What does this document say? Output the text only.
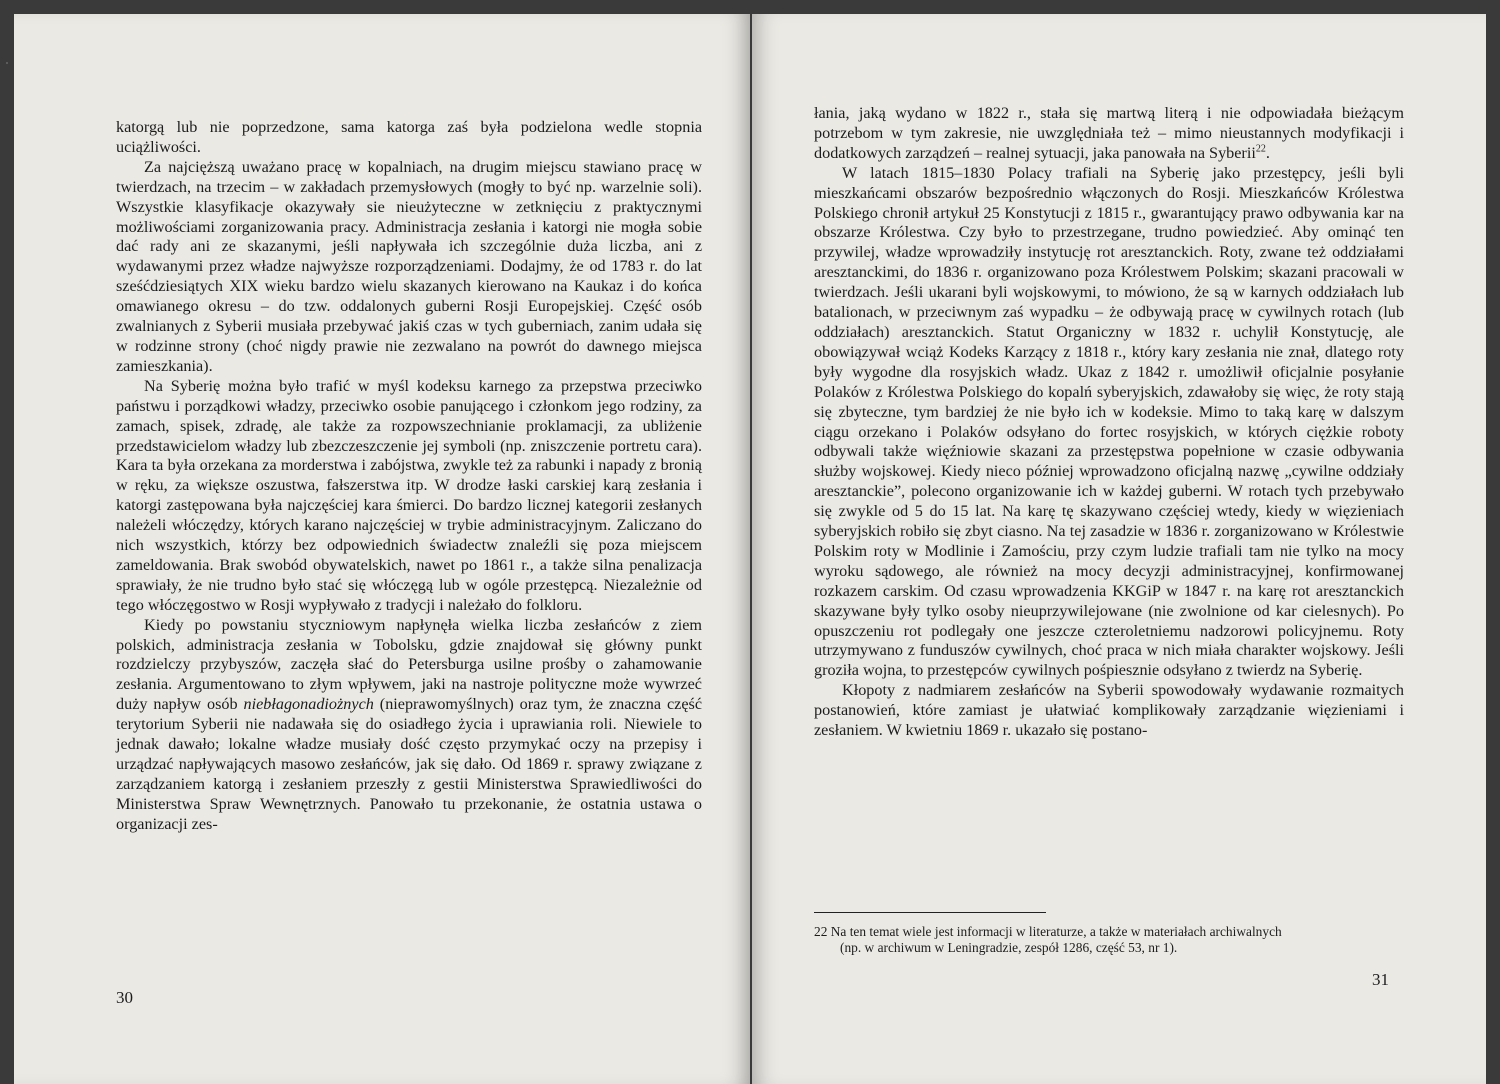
katorgą lub nie poprzedzone, sama katorga zaś była podzielona wedle stopnia uciążliwości.

Za najcięższą uważano pracę w kopalniach, na drugim miejscu stawiano pracę w twierdzach, na trzecim – w zakładach przemysłowych (mogły to być np. warzelnie soli). Wszystkie klasyfikacje okazywały sie nieużyteczne w zetknięciu z praktycznymi możliwościami zorganizowania pracy. Administracja zesłania i katorgi nie mogła sobie dać rady ani ze skazanymi, jeśli napływała ich szczególnie duża liczba, ani z wydawanymi przez władze najwyższe rozporządzeniami. Dodajmy, że od 1783 r. do lat sześćdziesiątych XIX wieku bardzo wielu skazanych kierowano na Kaukaz i do końca omawianego okresu – do tzw. oddalonych guberni Rosji Europejskiej. Część osób zwalnianych z Syberii musiała przebywać jakiś czas w tych guberniach, zanim udała się w rodzinne strony (choć nigdy prawie nie zezwalano na powrót do dawnego miejsca zamieszkania).

Na Syberię można było trafić w myśl kodeksu karnego za przepstwa przeciwko państwu i porządkowi władzy, przeciwko osobie panującego i członkom jego rodziny, za zamach, spisek, zdradę, ale także za rozpowszechnianie proklamacji, za ubliżenie przedstawicielom władzy lub zbezczeszczenie jej symboli (np. zniszczenie portretu cara). Kara ta była orzekana za morderstwa i zabójstwa, zwykle też za rabunki i napady z bronią w ręku, za większe oszustwa, fałszerstwa itp. W drodze łaski carskiej karą zesłania i katorgi zastępowana była najczęściej kara śmierci. Do bardzo licznej kategorii zesłanych należeli włóczędzy, których karano najczęściej w trybie administracyjnym. Zaliczano do nich wszystkich, którzy bez odpowiednich świadectw znaleźli się poza miejscem zameldowania. Brak swobód obywatelskich, nawet po 1861 r., a także silna penalizacja sprawiały, że nie trudno było stać się włóczęgą lub w ogóle przestępcą. Niezależnie od tego włóczęgostwo w Rosji wypływało z tradycji i należało do folkloru.

Kiedy po powstaniu styczniowym napłynęła wielka liczba zesłańców z ziem polskich, administracja zesłania w Tobolsku, gdzie znajdował się główny punkt rozdzielczy przybyszów, zaczęła słać do Petersburga usilne prośby o zahamowanie zesłania. Argumentowano to złym wpływem, jaki na nastroje polityczne może wywrzeć duży napływ osób niebłagonadiożnych (nieprawomyślnych) oraz tym, że znaczna część terytorium Syberii nie nadawała się do osiadłego życia i uprawiania roli. Niewiele to jednak dawało; lokalne władze musiały dość często przymykać oczy na przepisy i urządzać napływających masowo zesłańców, jak się dało. Od 1869 r. sprawy związane z zarządzaniem katorgą i zesłaniem przeszły z gestii Ministerstwa Sprawiedliwości do Ministerstwa Spraw Wewnętrznych. Panowało tu przekonanie, że ostatnia ustawa o organizacji zes-

30

łania, jaką wydano w 1822 r., stała się martwą literą i nie odpowiadała bieżącym potrzebom w tym zakresie, nie uwzględniała też – mimo nieustannych modyfikacji i dodatkowych zarządzeń – realnej sytuacji, jaka panowała na Syberii$^{22}$.

W latach 1815–1830 Polacy trafiali na Syberię jako przestępcy, jeśli byli mieszkańcami obszarów bezpośrednio włączonych do Rosji. Mieszkańców Królestwa Polskiego chronił artykuł 25 Konstytucji z 1815 r., gwarantujący prawo odbywania kar na obszarze Królestwa. Czy było to przestrzegane, trudno powiedzieć. Aby ominąć ten przywilej, władze wprowadziły instytucję rot aresztanckich. Roty, zwane też oddziałami aresztanckimi, do 1836 r. organizowano poza Królestwem Polskim; skazani pracowali w twierdzach. Jeśli ukarani byli wojskowymi, to mówiono, że są w karnych oddziałach lub batalionach, w przeciwnym zaś wypadku – że odbywają pracę w cywilnych rotach (lub oddziałach) aresztanckich. Statut Organiczny w 1832 r. uchylił Konstytucję, ale obowiązywał wciąż Kodeks Karzący z 1818 r., który kary zesłania nie znał, dlatego roty były wygodne dla rosyjskich władz. Ukaz z 1842 r. umożliwił oficjalnie posyłanie Polaków z Królestwa Polskiego do kopalń syberyjskich, zdawałoby się więc, że roty stają się zbyteczne, tym bardziej że nie było ich w kodeksie. Mimo to taką karę w dalszym ciągu orzekano i Polaków odsyłano do fortec rosyjskich, w których ciężkie roboty odbywali także więźniowie skazani za przestępstwa popełnione w czasie odbywania służby wojskowej. Kiedy nieco później wprowadzono oficjalną nazwę „cywilne oddziały aresztanckie”, polecono organizowanie ich w każdej guberni. W rotach tych przebywało się zwykle od 5 do 15 lat. Na karę tę skazywano częściej wtedy, kiedy w więzieniach syberyjskich robiło się zbyt ciasno. Na tej zasadzie w 1836 r. zorganizowano w Królestwie Polskim roty w Modlinie i Zamościu, przy czym ludzie trafiali tam nie tylko na mocy wyroku sądowego, ale również na mocy decyzji administracyjnej, konfirmowanej rozkazem carskim. Od czasu wprowadzenia KKGiP w 1847 r. na karę rot aresztanckich skazywane były tylko osoby nieuprzywilejowane (nie zwolnione od kar cielesnych). Po opuszczeniu rot podlegały one jeszcze czteroletniemu nadzorowi policyjnemu. Roty utrzymywano z funduszów cywilnych, choć praca w nich miała charakter wojskowy. Jeśli groziła wojna, to przestępców cywilnych pośpiesznie odsyłano z twierdz na Syberię.

Kłopoty z nadmiarem zesłańców na Syberii spowodowały wydawanie rozmaitych postanowień, które zamiast je ułatwiać komplikowały zarządzanie więzieniami i zesłaniem. W kwietniu 1869 r. ukazało się postano-

22 Na ten temat wiele jest informacji w literaturze, a także w materiałach archiwalnych
(np. w archiwum w Leningradzie, zespół 1286, część 53, nr 1).
31
